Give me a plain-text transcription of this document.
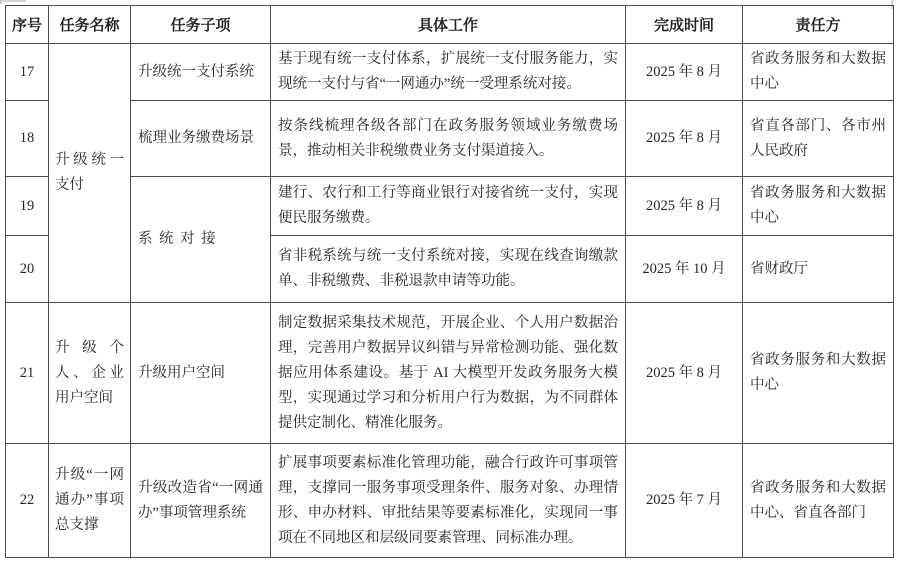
序号	任务名称	任务子项	具体工作	完成时间	责任方
17	升级统一支付	升级统一支付系统	基于现有统一支付体系，扩展统一支付服务能力，实现统一支付与省“一网通办”统一受理系统对接。	2025 年 8 月	省政务服务和大数据中心
18		梳理业务缴费场景	按条线梳理各级各部门在政务服务领域业务缴费场景，推动相关非税缴费业务支付渠道接入。	2025 年 8 月	省直各部门、各市州人民政府
19		系统对接	建行、农行和工行等商业银行对接省统一支付，实现便民服务缴费。	2025 年 8 月	省政务服务和大数据中心
20			省非税系统与统一支付系统对接，实现在线查询缴款单、非税缴费、非税退款申请等功能。	2025 年 10 月	省财政厅
21	升级个人、企业用户空间	升级用户空间	制定数据采集技术规范，开展企业、个人用户数据治理，完善用户数据异议纠错与异常检测功能、强化数据应用体系建设。基于 AI 大模型开发政务服务大模型，实现通过学习和分析用户行为数据，为不同群体提供定制化、精准化服务。	2025 年 8 月	省政务服务和大数据中心
22	升级“一网通办”事项总支撑	升级改造省“一网通办”事项管理系统	扩展事项要素标准化管理功能，融合行政许可事项管理，支撑同一服务事项受理条件、服务对象、办理情形、申办材料、审批结果等要素标准化，实现同一事项在不同地区和层级同要素管理、同标准办理。	2025 年 7 月	省政务服务和大数据中心、省直各部门
